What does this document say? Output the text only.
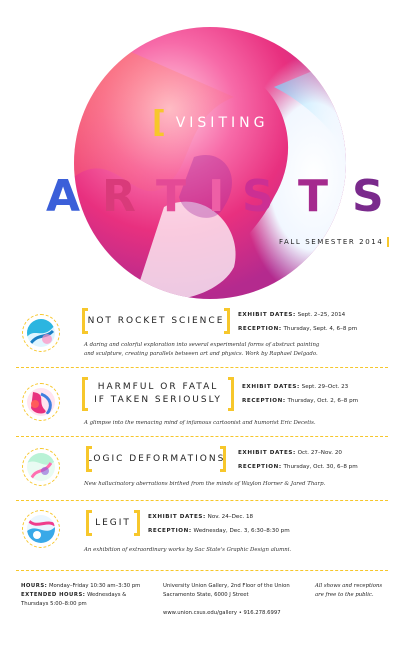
[ VISITING
A R T I S T S
FALL SEMESTER 2014
NOT ROCKET SCIENCE
EXHIBIT DATES: Sept. 2–25, 2014
RECEPTION: Thursday, Sept. 4, 6–8 pm
A daring and colorful exploration into several experimental forms of abstract painting
and sculpture, creating parallels between art and physics. Work by Raphael Delgado.
HARMFUL OR FATAL
IF TAKEN SERIOUSLY
EXHIBIT DATES: Sept. 29–Oct. 23
RECEPTION: Thursday, Oct. 2, 6–8 pm
A glimpse into the menacing mind of infamous cartoonist and humorist Eric Decetis.
LOGIC DEFORMATIONS
EXHIBIT DATES: Oct. 27–Nov. 20
RECEPTION: Thursday, Oct. 30, 6–8 pm
New hallucinatory aberrations birthed from the minds of Waylon Horner & Jared Tharp.
LEGIT
EXHIBIT DATES: Nov. 24–Dec. 18
RECEPTION: Wednesday, Dec. 3, 6:30–8:30 pm
An exhibition of extraordinary works by Sac State's Graphic Design alumni.
HOURS: Monday–Friday 10:30 am–3:30 pm
EXTENDED HOURS: Wednesdays &
Thursdays 5:00–8:00 pm
University Union Gallery, 2nd Floor of the Union
Sacramento State, 6000 J Street
www.union.csus.edu/gallery • 916.278.6997
All shows and receptions
are free to the public.
